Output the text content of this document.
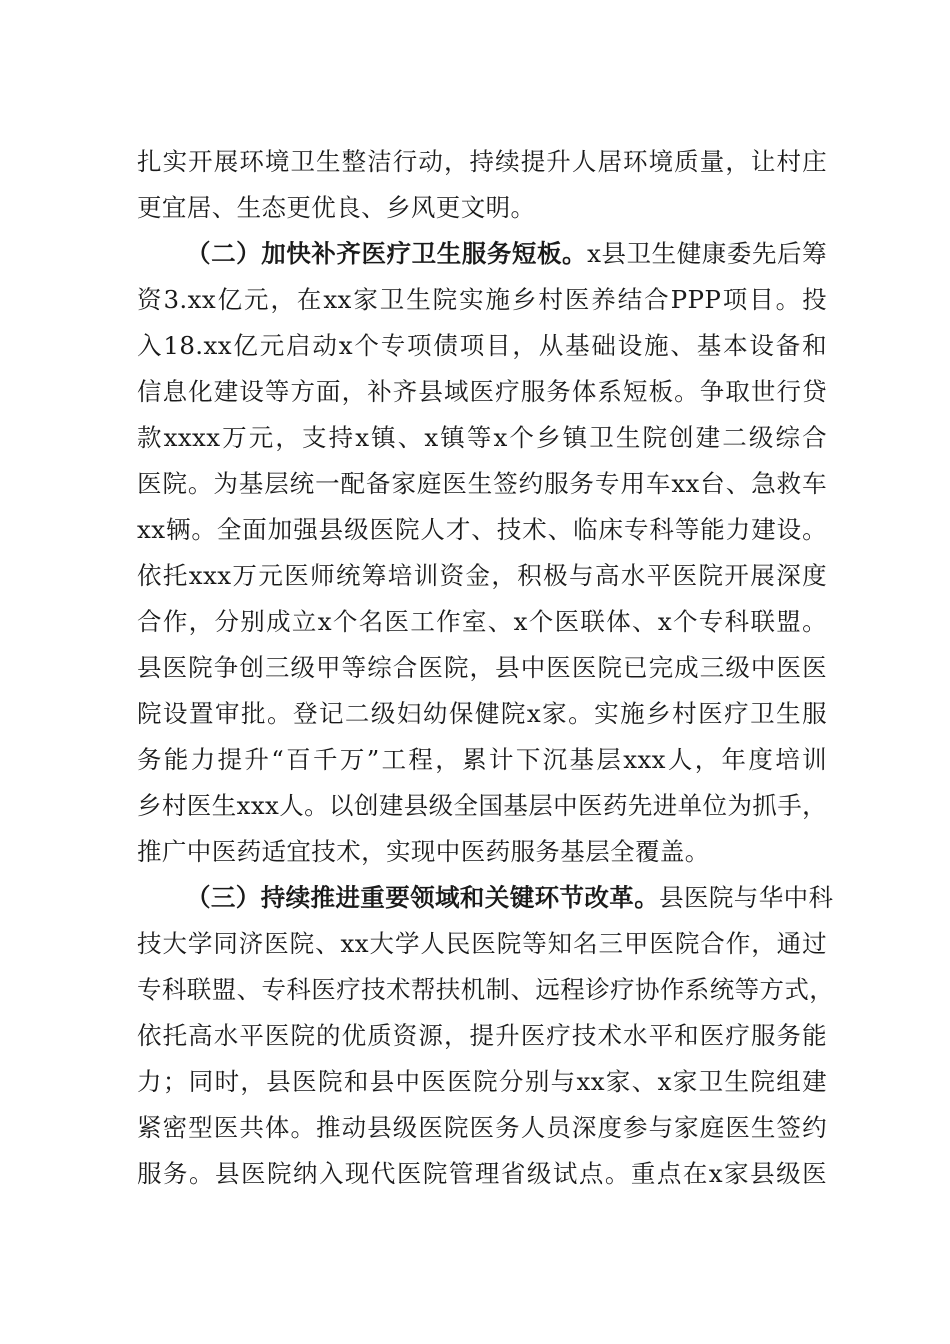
扎实开展环境卫生整洁行动，持续提升人居环境质量，让村庄
更宜居、生态更优良、乡风更文明。
（二）加快补齐医疗卫生服务短板。x县卫生健康委先后筹
资3.xx亿元，在xx家卫生院实施乡村医养结合PPP项目。投
入18.xx亿元启动x个专项债项目，从基础设施、基本设备和
信息化建设等方面，补齐县域医疗服务体系短板。争取世行贷
款xxxx万元，支持x镇、x镇等x个乡镇卫生院创建二级综合
医院。为基层统一配备家庭医生签约服务专用车xx台、急救车
xx辆。全面加强县级医院人才、技术、临床专科等能力建设。
依托xxx万元医师统筹培训资金，积极与高水平医院开展深度
合作，分别成立x个名医工作室、x个医联体、x个专科联盟。
县医院争创三级甲等综合医院，县中医医院已完成三级中医医
院设置审批。登记二级妇幼保健院x家。实施乡村医疗卫生服
务能力提升“百千万”工程，累计下沉基层xxx人，年度培训
乡村医生xxx人。以创建县级全国基层中医药先进单位为抓手，
推广中医药适宜技术，实现中医药服务基层全覆盖。
（三）持续推进重要领域和关键环节改革。县医院与华中科
技大学同济医院、xx大学人民医院等知名三甲医院合作，通过
专科联盟、专科医疗技术帮扶机制、远程诊疗协作系统等方式，
依托高水平医院的优质资源，提升医疗技术水平和医疗服务能
力；同时，县医院和县中医医院分别与xx家、x家卫生院组建
紧密型医共体。推动县级医院医务人员深度参与家庭医生签约
服务。县医院纳入现代医院管理省级试点。重点在x家县级医
